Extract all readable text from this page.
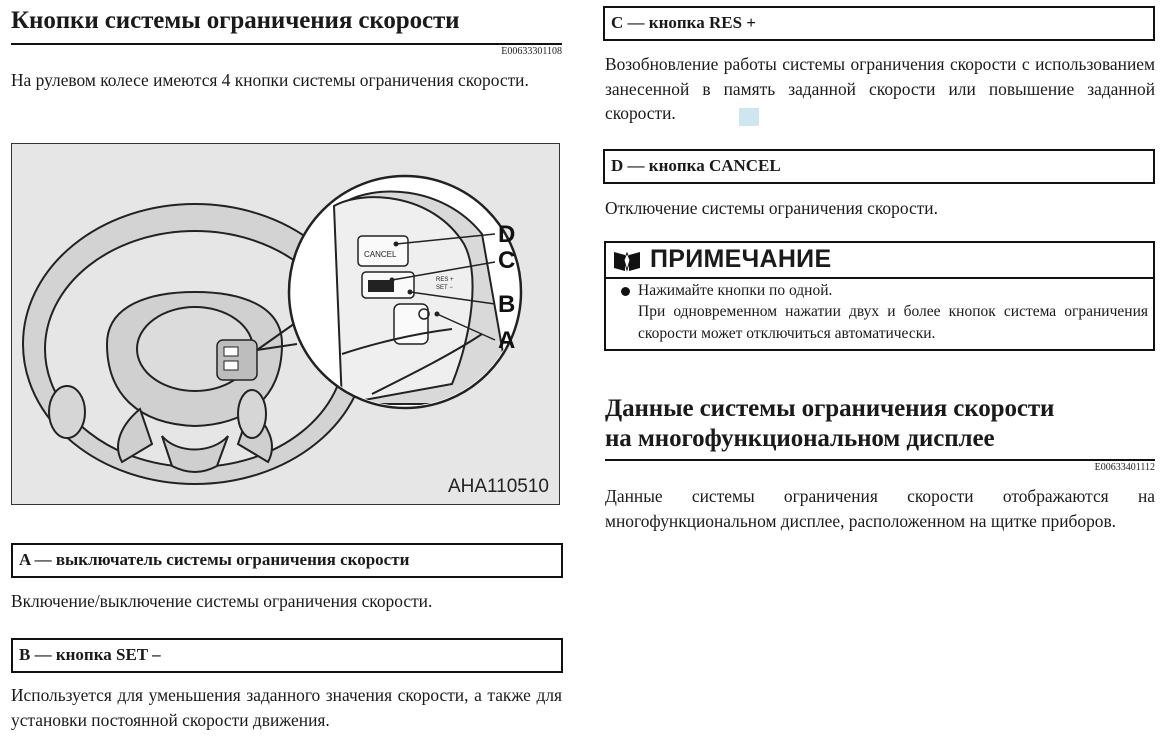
Кнопки системы ограничения скорости
E00633301108
На рулевом колесе имеются 4 кнопки системы ограничения скорости.
CANCEL
RES +
SET −
D
C
B
A
AHA110510
A — выключатель системы ограничения скорости
Включение/выключение системы ограничения скорости.
B — кнопка SET –
Используется для уменьшения заданного значения скорости, а также для установки постоянной скорости движения.
C — кнопка RES +
Возобновление работы системы ограничения скорости с использованием занесенной в память заданной скорости или повышение заданной скорости.
D — кнопка CANCEL
Отключение системы ограничения скорости.
ПРИМЕЧАНИЕ
Нажимайте кнопки по одной.
При одновременном нажатии двух и более кнопок система ограничения скорости может отключиться автоматически.
Данные системы ограничения скорости
на многофункциональном дисплее
E00633401112
Данные системы ограничения скорости отображаются на многофункциональном дисплее, расположенном на щитке приборов.
